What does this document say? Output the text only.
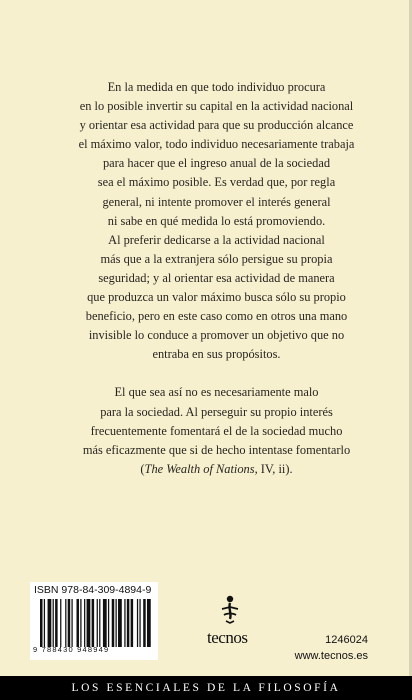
En la medida en que todo individuo procura
en lo posible invertir su capital en la actividad nacional
y orientar esa actividad para que su producción alcance
el máximo valor, todo individuo necesariamente trabaja
para hacer que el ingreso anual de la sociedad
sea el máximo posible. Es verdad que, por regla
general, ni intente promover el interés general
ni sabe en qué medida lo está promoviendo.
Al preferir dedicarse a la actividad nacional
más que a la extranjera sólo persigue su propia
seguridad; y al orientar esa actividad de manera
que produzca un valor máximo busca sólo su propio
beneficio, pero en este caso como en otros una mano
invisible lo conduce a promover un objetivo que no
entraba en sus propósitos.
El que sea así no es necesariamente malo
para la sociedad. Al perseguir su propio interés
frecuentemente fomentará el de la sociedad mucho
más eficazmente que si de hecho intentase fomentarlo
(The Wealth of Nations, IV, ii).
ISBN 978-84-309-4894-9
9 788430 948949
tecnos	1246024
www.tecnos.es
LOS ESENCIALES DE LA FILOSOFÍA
